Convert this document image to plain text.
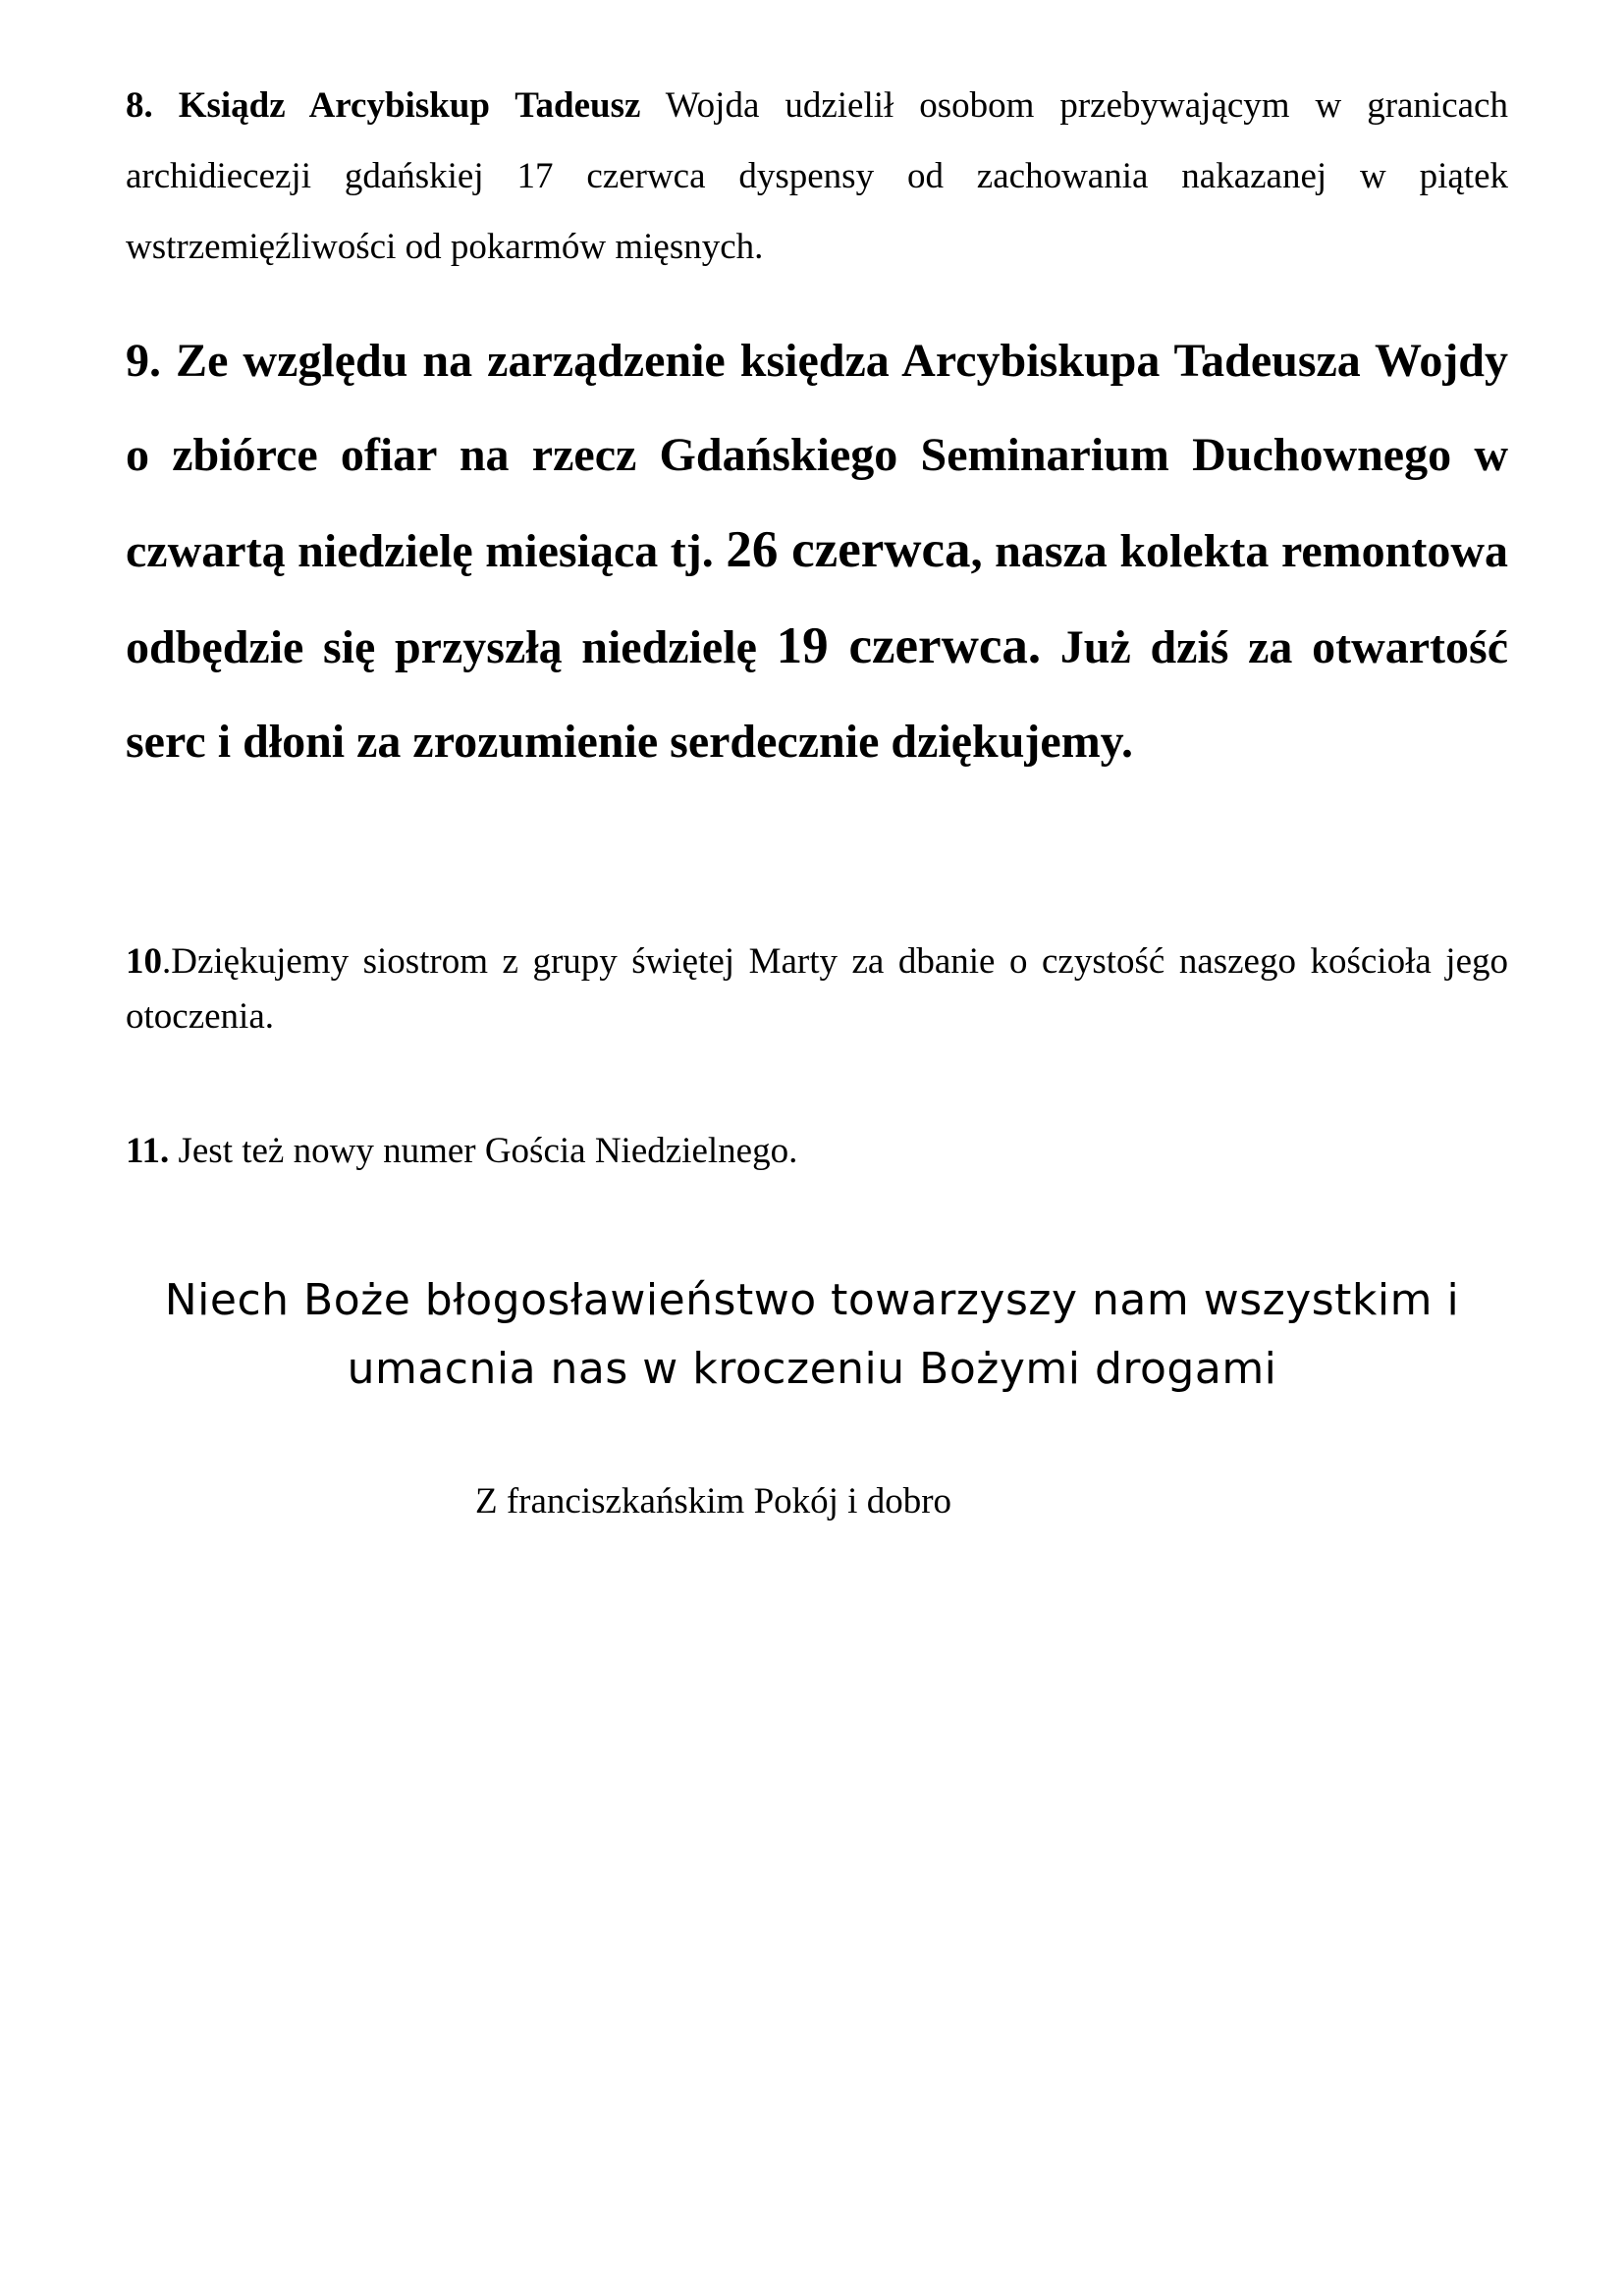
8. Ksiądz Arcybiskup Tadeusz Wojda udzielił osobom przebywającym w granicach archidiecezji gdańskiej 17 czerwca dyspensy od zachowania nakazanej w piątek wstrzemięźliwości od pokarmów mięsnych.

9. Ze względu na zarządzenie księdza Arcybiskupa Tadeusza Wojdy o zbiórce ofiar na rzecz Gdańskiego Seminarium Duchownego w czwartą niedzielę miesiąca tj. 26 czerwca, nasza kolekta remontowa odbędzie się przyszłą niedzielę 19 czerwca. Już dziś za otwartość serc i dłoni za zrozumienie serdecznie dziękujemy.

10.Dziękujemy siostrom z grupy świętej Marty za dbanie o czystość naszego kościoła jego otoczenia.

11. Jest też nowy numer Gościa Niedzielnego.

Niech Boże błogosławieństwo towarzyszy nam wszystkim i
umacnia nas w kroczeniu Bożymi drogami

Z franciszkańskim Pokój i dobro
